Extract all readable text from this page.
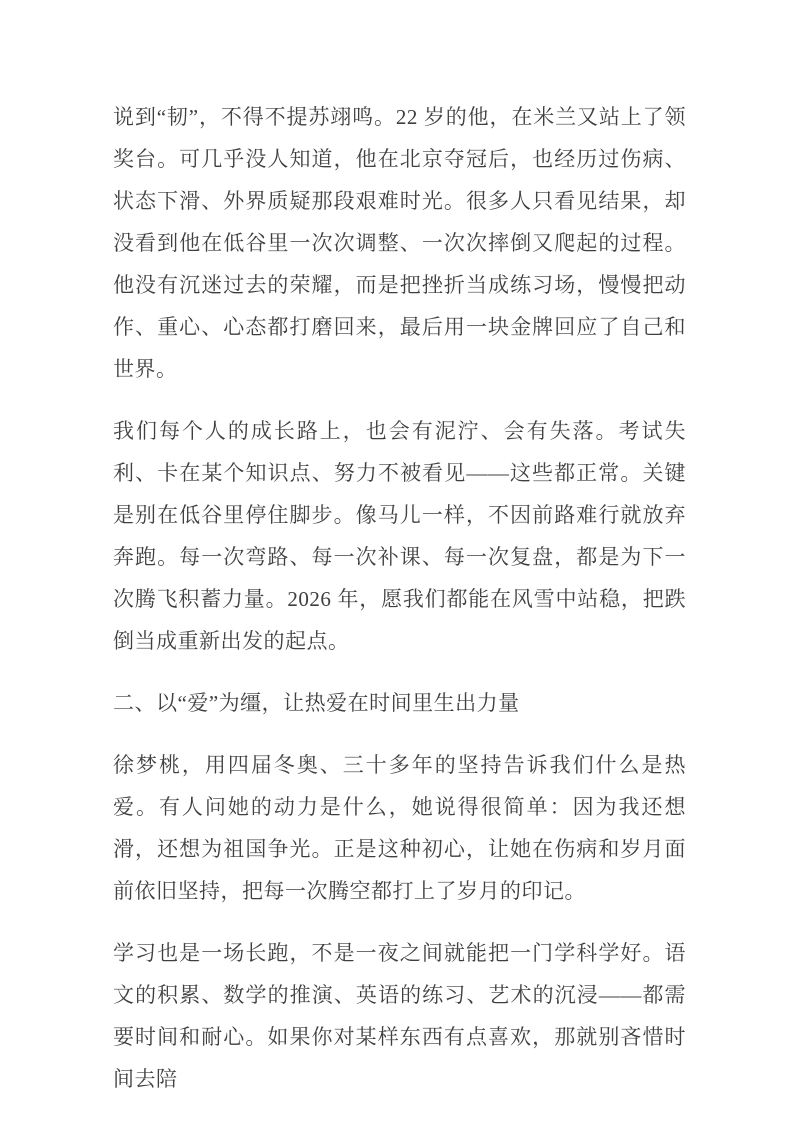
说到“韧”，不得不提苏翊鸣。22 岁的他，在米兰又站上了领奖台。可几乎没人知道，他在北京夺冠后，也经历过伤病、状态下滑、外界质疑那段艰难时光。很多人只看见结果，却没看到他在低谷里一次次调整、一次次摔倒又爬起的过程。他没有沉迷过去的荣耀，而是把挫折当成练习场，慢慢把动作、重心、心态都打磨回来，最后用一块金牌回应了自己和世界。

我们每个人的成长路上，也会有泥泞、会有失落。考试失利、卡在某个知识点、努力不被看见——这些都正常。关键是别在低谷里停住脚步。像马儿一样，不因前路难行就放弃奔跑。每一次弯路、每一次补课、每一次复盘，都是为下一次腾飞积蓄力量。2026 年，愿我们都能在风雪中站稳，把跌倒当成重新出发的起点。

二、以“爱”为缰，让热爱在时间里生出力量

徐梦桃，用四届冬奥、三十多年的坚持告诉我们什么是热爱。有人问她的动力是什么，她说得很简单：因为我还想滑，还想为祖国争光。正是这种初心，让她在伤病和岁月面前依旧坚持，把每一次腾空都打上了岁月的印记。

学习也是一场长跑，不是一夜之间就能把一门学科学好。语文的积累、数学的推演、英语的练习、艺术的沉浸——都需要时间和耐心。如果你对某样东西有点喜欢，那就别吝惜时间去陪
